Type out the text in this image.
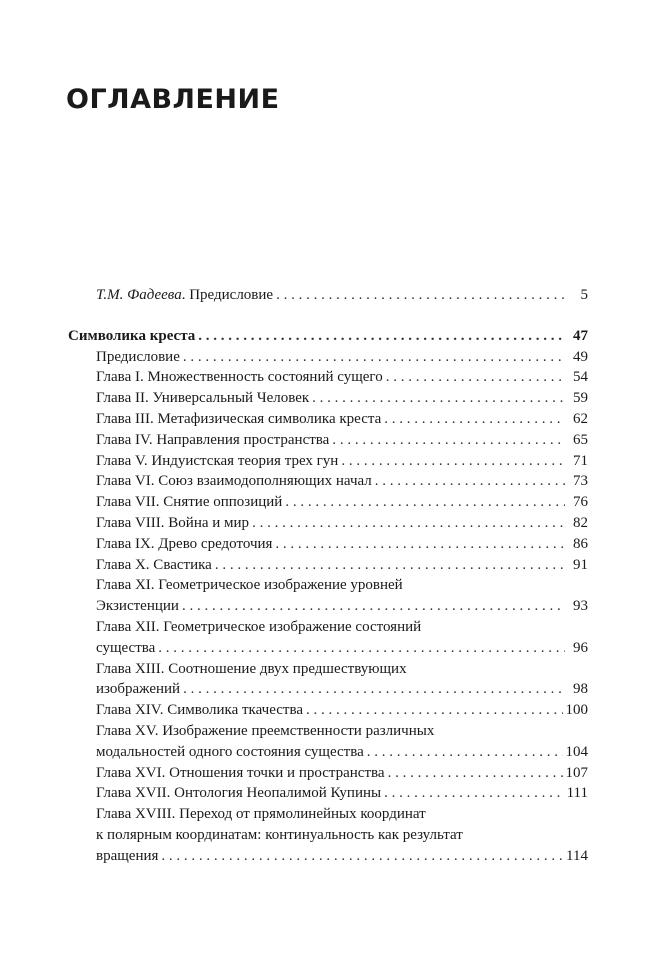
ОГЛАВЛЕНИЕ
Т.М. Фадеева. Предисловие . . .	5
Символика креста . . .	47
Предисловие . . .	49
Глава I. Множественность состояний сущего . . .	54
Глава II. Универсальный Человек . . .	59
Глава III. Метафизическая символика креста . . .	62
Глава IV. Направления пространства . . .	65
Глава V. Индуистская теория трех гун . . .	71
Глава VI. Союз взаимодополняющих начал . . .	73
Глава VII. Снятие оппозиций . . .	76
Глава VIII. Война и мир . . .	82
Глава IX. Древо средоточия . . .	86
Глава X. Свастика . . .	91
Глава XI. Геометрическое изображение уровней
Экзистенции . . .	93
Глава XII. Геометрическое изображение состояний
существа . . .	96
Глава XIII. Соотношение двух предшествующих
изображений . . .	98
Глава XIV. Символика ткачества . . .	100
Глава XV. Изображение преемственности различных
модальностей одного состояния существа . . .	104
Глава XVI. Отношения точки и пространства . . .	107
Глава XVII. Онтология Неопалимой Купины . . .	111
Глава XVIII. Переход от прямолинейных координат
к полярным координатам: континуальность как результат
вращения . . .	114
